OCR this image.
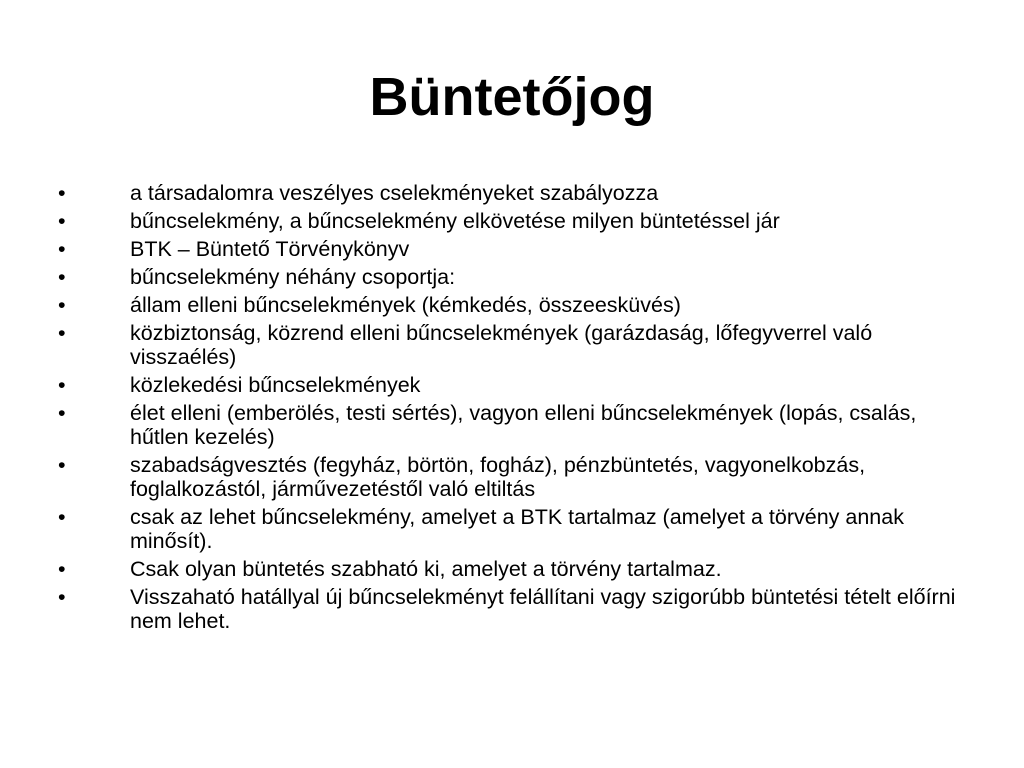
Büntetőjog
•	a társadalomra veszélyes cselekményeket szabályozza
•	bűncselekmény, a bűncselekmény elkövetése milyen büntetéssel jár
•	BTK – Büntető Törvénykönyv
•	bűncselekmény néhány csoportja:
•	állam elleni bűncselekmények (kémkedés, összeesküvés)
•	közbiztonság, közrend elleni bűncselekmények (garázdaság, lőfegyverrel való visszaélés)
•	közlekedési bűncselekmények
•	élet elleni (emberölés, testi sértés), vagyon elleni bűncselekmények (lopás, csalás, hűtlen kezelés)
•	szabadságvesztés (fegyház, börtön, fogház), pénzbüntetés, vagyonelkobzás, foglalkozástól, járművezetéstől való eltiltás
•	csak az lehet bűncselekmény, amelyet a BTK tartalmaz (amelyet a törvény annak minősít).
•	Csak olyan büntetés szabható ki, amelyet a törvény tartalmaz.
•	Visszaható hatállyal új bűncselekményt felállítani vagy szigorúbb büntetési tételt előírni nem lehet.
